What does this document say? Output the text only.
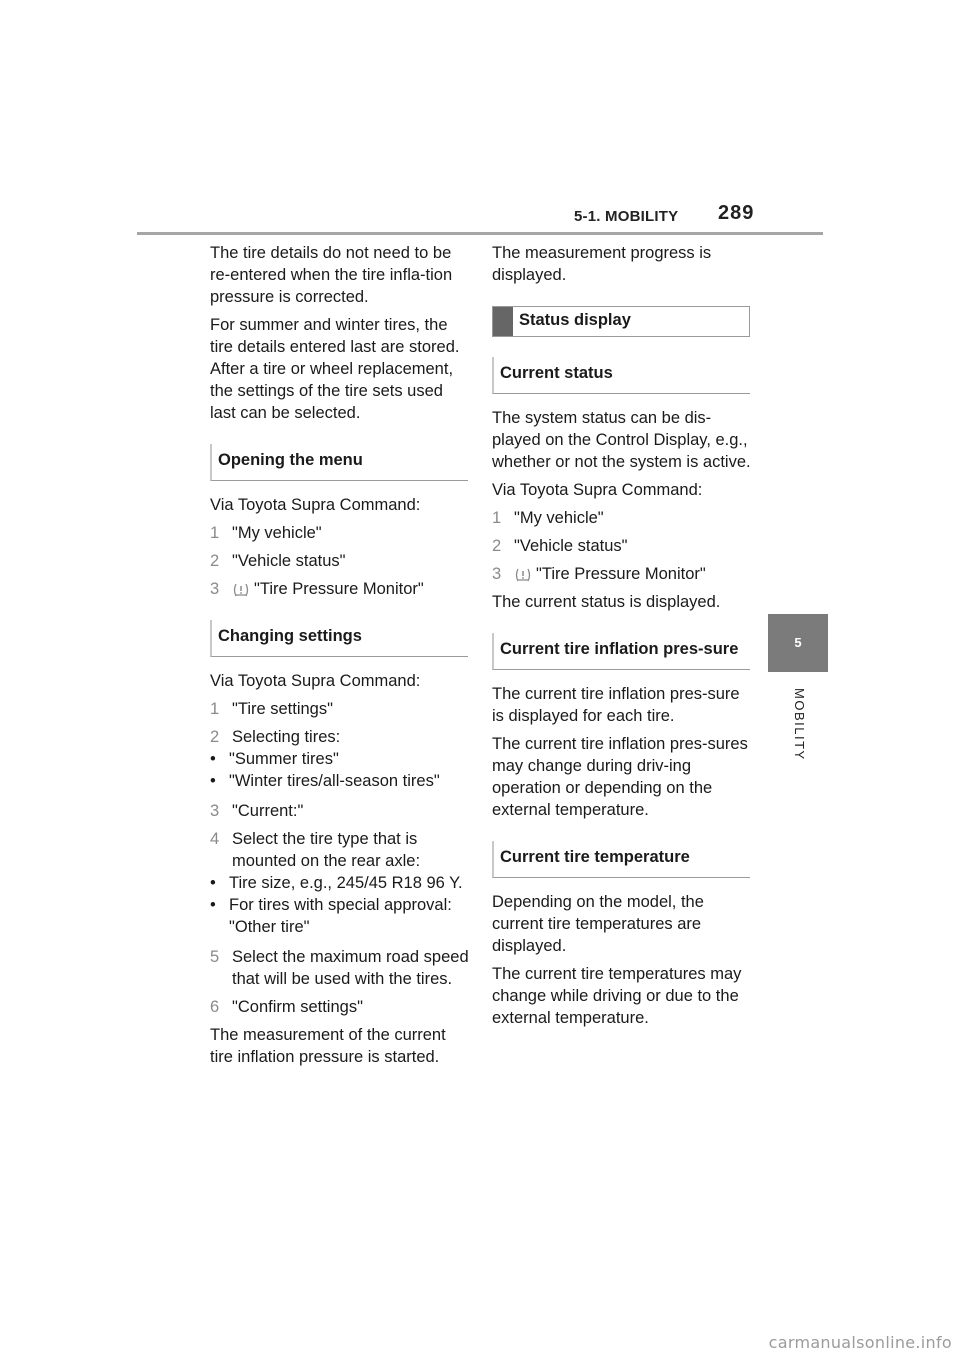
5-1. MOBILITY 289
5
MOBILITY

The tire details do not need to be re-entered when the tire infla-tion pressure is corrected.

For summer and winter tires, the tire details entered last are stored. After a tire or wheel replacement, the settings of the tire sets used last can be selected.

Opening the menu

Via Toyota Supra Command:

1 "My vehicle"
2 "Vehicle status"
3	"Tire Pressure Monitor"
Changing settings

Via Toyota Supra Command:

1 "Tire settings"
2 Selecting tires:
• "Summer tires"
• "Winter tires/all-season tires"
3 "Current:"
4 Select the tire type that is mounted on the rear axle:
• Tire size, e.g., 245/45 R18 96 Y.
• For tires with special approval: "Other tire"
5 Select the maximum road speed that will be used with the tires.
6 "Confirm settings"

The measurement of the current tire inflation pressure is started.

The measurement progress is displayed.

Status display
Current status

The system status can be dis-played on the Control Display, e.g., whether or not the system is active.

Via Toyota Supra Command:

1 "My vehicle"
2 "Vehicle status"
3	"Tire Pressure Monitor"

The current status is displayed.

Current tire inflation pres-sure

The current tire inflation pres-sure is displayed for each tire.

The current tire inflation pres-sures may change during driv-ing operation or depending on the external temperature.

Current tire temperature

Depending on the model, the current tire temperatures are displayed.

The current tire temperatures may change while driving or due to the external temperature.

carmanualsonline.info
